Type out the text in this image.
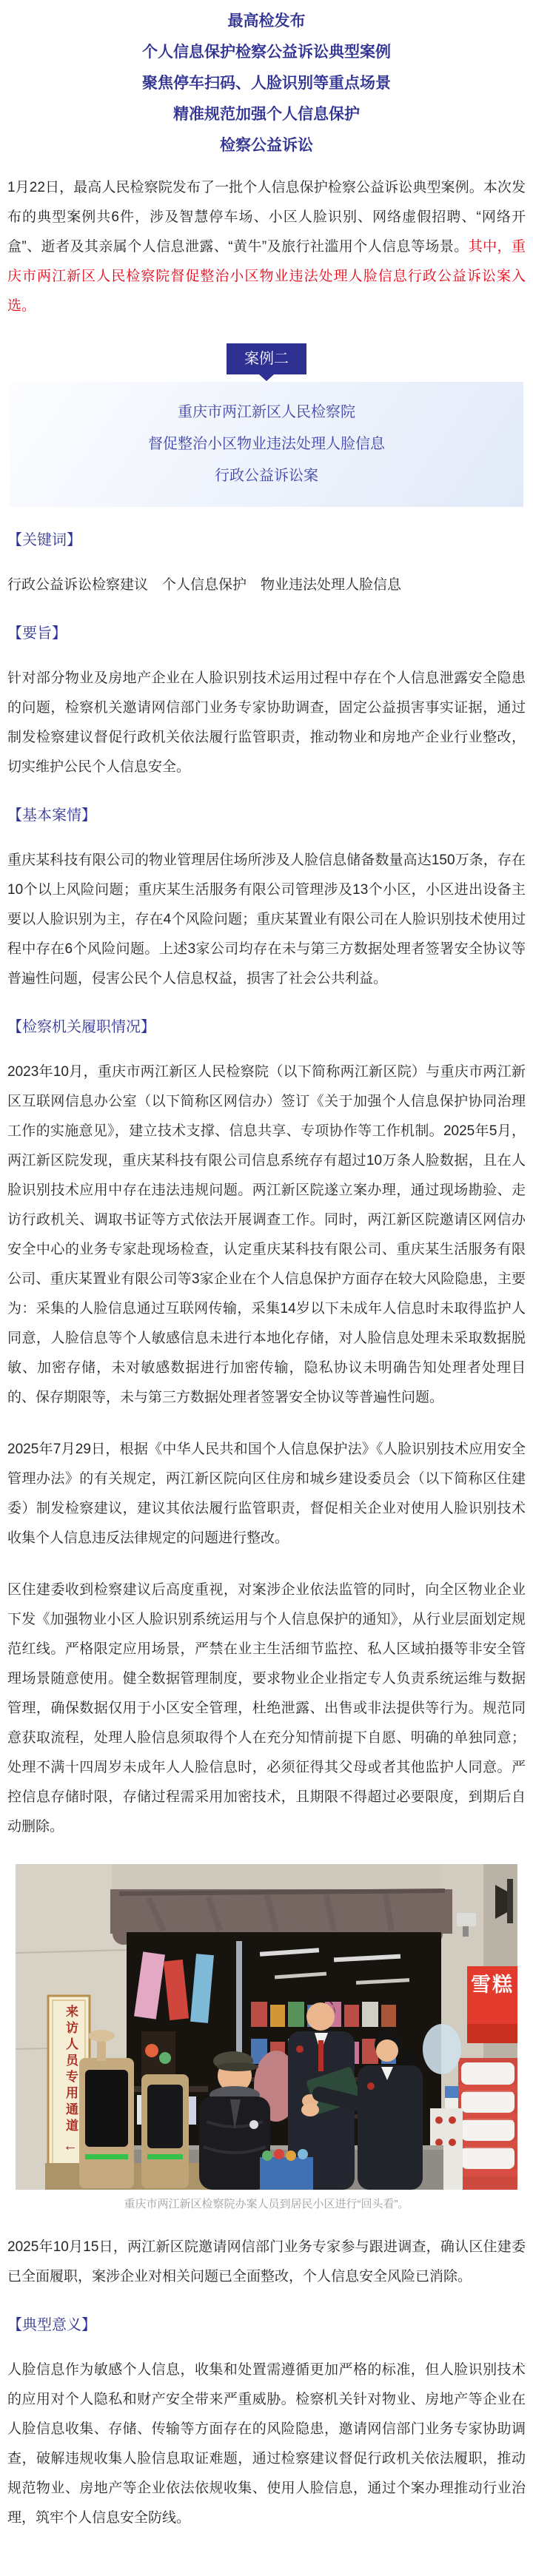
最高检发布
个人信息保护检察公益诉讼典型案例
聚焦停车扫码、人脸识别等重点场景
精准规范加强个人信息保护
检察公益诉讼

1月22日，最高人民检察院发布了一批个人信息保护检察公益诉讼典型案例。本次发布的典型案例共6件，涉及智慧停车场、小区人脸识别、网络虚假招聘、“网络开盒”、逝者及其亲属个人信息泄露、“黄牛”及旅行社滥用个人信息等场景。其中，重庆市两江新区人民检察院督促整治小区物业违法处理人脸信息行政公益诉讼案入选。

案例二
重庆市两江新区人民检察院
督促整治小区物业违法处理人脸信息
行政公益诉讼案
【关键词】

行政公益诉讼检察建议　个人信息保护　物业违法处理人脸信息

【要旨】

针对部分物业及房地产企业在人脸识别技术运用过程中存在个人信息泄露安全隐患的问题，检察机关邀请网信部门业务专家协助调查，固定公益损害事实证据，通过制发检察建议督促行政机关依法履行监管职责，推动物业和房地产企业行业整改，切实维护公民个人信息安全。

【基本案情】

重庆某科技有限公司的物业管理居住场所涉及人脸信息储备数量高达150万条，存在10个以上风险问题；重庆某生活服务有限公司管理涉及13个小区，小区进出设备主要以人脸识别为主，存在4个风险问题；重庆某置业有限公司在人脸识别技术使用过程中存在6个风险问题。上述3家公司均存在未与第三方数据处理者签署安全协议等普遍性问题，侵害公民个人信息权益，损害了社会公共利益。

【检察机关履职情况】

2023年10月，重庆市两江新区人民检察院（以下简称两江新区院）与重庆市两江新区互联网信息办公室（以下简称区网信办）签订《关于加强个人信息保护协同治理工作的实施意见》，建立技术支撑、信息共享、专项协作等工作机制。2025年5月，两江新区院发现，重庆某科技有限公司信息系统存有超过10万条人脸数据，且在人脸识别技术应用中存在违法违规问题。两江新区院遂立案办理，通过现场勘验、走访行政机关、调取书证等方式依法开展调查工作。同时，两江新区院邀请区网信办安全中心的业务专家赴现场检查，认定重庆某科技有限公司、重庆某生活服务有限公司、重庆某置业有限公司等3家企业在个人信息保护方面存在较大风险隐患，主要为：采集的人脸信息通过互联网传输，采集14岁以下未成年人信息时未取得监护人同意，人脸信息等个人敏感信息未进行本地化存储，对人脸信息处理未采取数据脱敏、加密存储，未对敏感数据进行加密传输，隐私协议未明确告知处理者处理目的、保存期限等，未与第三方数据处理者签署安全协议等普遍性问题。

2025年7月29日，根据《中华人民共和国个人信息保护法》《人脸识别技术应用安全管理办法》的有关规定，两江新区院向区住房和城乡建设委员会（以下简称区住建委）制发检察建议，建议其依法履行监管职责，督促相关企业对使用人脸识别技术收集个人信息违反法律规定的问题进行整改。

区住建委收到检察建议后高度重视，对案涉企业依法监管的同时，向全区物业企业下发《加强物业小区人脸识别系统运用与个人信息保护的通知》，从行业层面划定规范红线。严格限定应用场景，严禁在业主生活细节监控、私人区域拍摄等非安全管理场景随意使用。健全数据管理制度，要求物业企业指定专人负责系统运维与数据管理，确保数据仅用于小区安全管理，杜绝泄露、出售或非法提供等行为。规范同意获取流程，处理人脸信息须取得个人在充分知情前提下自愿、明确的单独同意；处理不满十四周岁未成年人人脸信息时，必须征得其父母或者其他监护人同意。严控信息存储时限，存储过程需采用加密技术，且期限不得超过必要限度，到期后自动删除。

来访人员专用通道
←
雪糕
重庆市两江新区检察院办案人员到居民小区进行“回头看”。

2025年10月15日，两江新区院邀请网信部门业务专家参与跟进调查，确认区住建委已全面履职，案涉企业对相关问题已全面整改，个人信息安全风险已消除。

【典型意义】

人脸信息作为敏感个人信息，收集和处置需遵循更加严格的标准，但人脸识别技术的应用对个人隐私和财产安全带来严重威胁。检察机关针对物业、房地产等企业在人脸信息收集、存储、传输等方面存在的风险隐患，邀请网信部门业务专家协助调查，破解违规收集人脸信息取证难题，通过检察建议督促行政机关依法履职，推动规范物业、房地产等企业依法依规收集、使用人脸信息，通过个案办理推动行业治理，筑牢个人信息安全防线。
